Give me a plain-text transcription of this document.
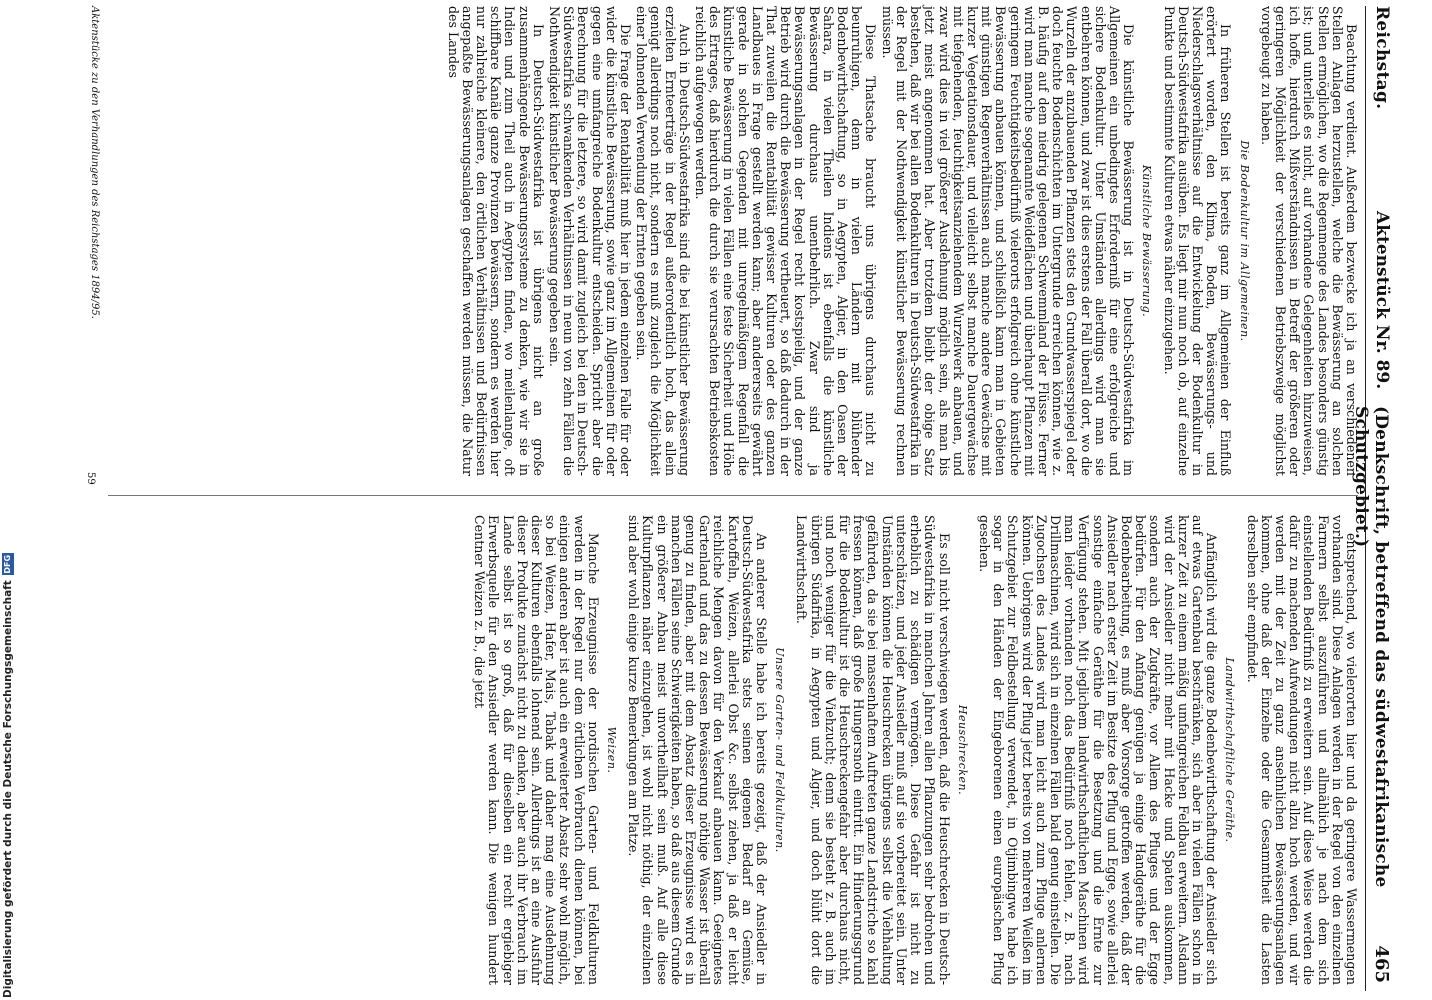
Digitalisierung gefördert durch die Deutsche ForschungsgemeinschaftDFG
Reichstag.
Aktenstück Nr. 89.
(Denkschrift, betreffend das südwestafrikanische Schutzgebiet.)
465

Beachtung verdient. Außerdem bezwecke ich ja an verschiedenen Stellen Anlagen herzustellen, welche die Bewässerung an solchen Stellen ermöglichen, wo die Regenmenge des Landes besonders günstig ist; und unterließ es nicht, auf vorhandene Gelegenheiten hinzuweisen, ich hoffe, hierdurch Mißverständnissen in Betreff der größeren oder geringeren Möglichkeit der verschiedenen Betriebszweige möglichst vorgebeugt zu haben.

Die Bodenkultur im Allgemeinen.

In früheren Stellen ist bereits ganz im Allgemeinen der Einfluß erörtert worden, den Klima, Boden, Bewässerungs- und Niederschlagsverhältnisse auf die Entwickelung der Bodenkultur in Deutsch-Südwestafrika ausüben. Es liegt mir nun noch ob, auf einzelne Punkte und bestimmte Kulturen etwas näher einzugehen.

Künstliche Bewässerung.

Die künstliche Bewässerung ist in Deutsch-Südwestafrika im Allgemeinen ein unbedingtes Erforderniß für eine erfolgreiche und sichere Bodenkultur. Unter Umständen allerdings wird man sie entbehren können, und zwar ist dies erstens der Fall überall dort, wo die Wurzeln der anzubauenden Pflanzen stets den Grundwasserspiegel oder doch feuchte Bodenschichten im Untergrunde erreichen können, wie z. B. häufig auf dem niedrig gelegenen Schwemmland der Flüsse. Ferner wird man manche sogenannte Weideflächen und überhaupt Pflanzen mit geringem Feuchtigkeitsbedürfniß vielerorts erfolgreich ohne künstliche Bewässerung anbauen können, und schließlich kann man in Gebieten mit günstigen Regenverhältnissen auch manche andere Gewächse mit kurzer Vegetationsdauer, und vielleicht selbst manche Dauergewächse mit tiefgehenden, feuchtigkeitsanziehendem Wurzelwerk anbauen, und zwar wird dies in viel größerer Ausdehnung möglich sein, als man bis jetzt meist angenommen hat. Aber trotzdem bleibt der obige Satz bestehen, daß wir bei allen Bodenkulturen in Deutsch-Südwestafrika in der Regel mit der Nothwendigkeit künstlicher Bewässerung rechnen müssen.

Diese Thatsache braucht uns übrigens durchaus nicht zu beunruhigen, denn in vielen Ländern mit blühender Bodenbewirthschaftung, so in Aegypten, Algier, in den Oasen der Sahara, in vielen Theilen Indiens ist ebenfalls die künstliche Bewässerung durchaus unentbehrlich. Zwar sind ja Bewässerungsanlagen in der Regel recht kostspielig, und der ganze Betrieb wird durch die Bewässerung vertheuert, so daß dadurch in der That zuweilen die Rentabilität gewisser Kulturen oder des ganzen Landbaues in Frage gestellt werden kann; aber andererseits gewährt gerade in solchen Gegenden mit unregelmäßigem Regenfall die künstliche Bewässerung in vielen Fällen eine feste Sicherheit und Höhe des Ertrages, daß hierdurch die durch sie verursachten Betriebskosten reichlich aufgewogen werden.

Auch in Deutsch-Südwestafrika sind die bei künstlicher Bewässerung erzielten Ernteerträge in der Regel außerordentlich hoch, das allein genügt allerdings noch nicht, sondern es muß zugleich die Möglichkeit einer lohnenden Verwendung der Ernten gegeben sein.

Die Frage der Rentabilität muß hier in jedem einzelnen Falle für oder wider die künstliche Bewässerung, sowie ganz im Allgemeinen für oder gegen eine umfangreiche Bodenkultur entscheiden. Spricht aber die Berechnung für die letztere, so wird damit zugleich bei den in Deutsch-Südwestafrika schwankenden Verhältnissen in neun von zehn Fällen die Nothwendigkeit künstlicher Bewässerung gegeben sein.

In Deutsch-Südwestafrika ist übrigens nicht an große zusammenhängende Bewässerungssysteme zu denken, wie wir sie in Indien und zum Theil auch in Aegypten finden, wo meilenlange, oft schiffbare Kanäle ganze Provinzen bewässern, sondern es werden hier nur zahlreiche kleinere, den örtlichen Verhältnissen und Bedürfnissen angepaßte Bewässerungsanlagen geschaffen werden müssen, die Natur des Landes

entsprechend, wo vielerorten hier und da geringere Wassermengen vorhanden sind. Diese Anlagen werden in der Regel von den einzelnen Farmern selbst auszuführen und allmählich je nach dem sich einstellenden Bedürfniß zu erweitern sein. Auf diese Weise werden die dafür zu machenden Aufwendungen nicht allzu hoch werden, und wir werden mit der Zeit zu ganz ansehnlichen Bewässerungsanlagen kommen, ohne daß der Einzelne oder die Gesammtheit die Lasten derselben sehr empfindet.

Landwirthschaftliche Geräthe.

Anfänglich wird die ganze Bodenbewirthschaftung der Ansiedler sich auf etwas Gartenbau beschränken, sich aber in vielen Fällen schon in kurzer Zeit zu einem mäßig umfangreichen Feldbau erweitern. Alsdann wird der Ansiedler nicht mehr mit Hacke und Spaten auskommen, sondern auch der Zugkräfte, vor Allem des Pfluges und der Egge bedürfen. Für den Anfang genügen ja einige Handgeräthe für die Bodenbearbeitung, es muß aber Vorsorge getroffen werden, daß der Ansiedler nach erster Zeit im Besitze des Pflug und Egge, sowie allerlei sonstige einfache Geräthe für die Besetzung und die Ernte zur Verfügung stehen. Mit jeglichem landwirthschaftlichen Maschinen wird man leider vorhanden noch das Bedürfniß noch fehlen, z. B. nach Drillmaschinen, wird sich in einzelnen Fällen bald genug einstellen. Die Zugochsen des Landes wird man leicht auch zum Pfluge anlernen können. Uebrigens wird der Pflug jetzt bereits von mehreren Weißen im Schutzgebiet zur Feldbestellung verwendet, in Otjimbingwe habe ich sogar in den Händen der Eingeborenen einen europäischen Pflug gesehen.

Heuschrecken.

Es soll nicht verschwiegen werden, daß die Heuschrecken in Deutsch-Südwestafrika in manchen Jahren allen Pflanzungen sehr bedrohen und erheblich zu schädigen vermögen. Diese Gefahr ist nicht zu unterschätzen, und jeder Ansiedler muß auf sie vorbereitet sein. Unter Umständen können die Heuschrecken übrigens selbst die Viehhaltung gefährden, da sie bei massenhaftem Auftreten ganze Landstriche so kahl fressen können, daß große Hungersnoth eintritt. Ein Hinderungsgrund für die Bodenkultur ist die Heuschreckengefahr aber durchaus nicht, und noch weniger für die Viehzucht; denn sie besteht z. B. auch im übrigen Südafrika, in Aegypten und Algier, und doch blüht dort die Landwirthschaft.

Unsere Garten- und Feldkulturen.

An anderer Stelle habe ich bereits gezeigt, daß der Ansiedler in Deutsch-Südwestafrika stets seinen eigenen Bedarf an Gemüse, Kartoffeln, Weizen, allerlei Obst &c. selbst ziehen, ja daß er leicht reichliche Mengen davon für den Verkauf anbauen kann. Geeignetes Gartenland und das zu dessen Bewässerung nöthige Wasser ist überall genug zu finden, aber mit dem Absatz dieser Erzeugnisse wird es in manchen Fällen seine Schwierigkeiten haben, so daß aus diesem Grunde ein größerer Anbau meist unvortheilhaft sein muß. Auf alle diese Kulturpflanzen näher einzugehen, ist wohl nicht nöthig, der einzelnen sind aber wohl einige kurze Bemerkungen am Platze.

Weizen.

Manche Erzeugnisse der nordischen Garten- und Feldkulturen werden in der Regel nur dem örtlichen Verbrauch dienen können, bei einigen anderen aber ist auch ein erweiterter Absatz sehr wohl möglich, so bei Weizen, Hafer, Mais, Tabak und daher mag eine Ausdehnung dieser Kulturen ebenfalls lohnend sein. Allerdings ist an eine Ausfuhr dieser Produkte zunächst nicht zu denken, aber auch ihr Verbrauch im Lande selbst ist so groß, daß für dieselben ein recht ergiebiger Erwerbsquelle für den Ansiedler werden kann. Die wenigen hundert Centner Weizen z. B., die jetzt

Aktenstücke zu den Verhandlungen des Reichstages 1894/95.
59
